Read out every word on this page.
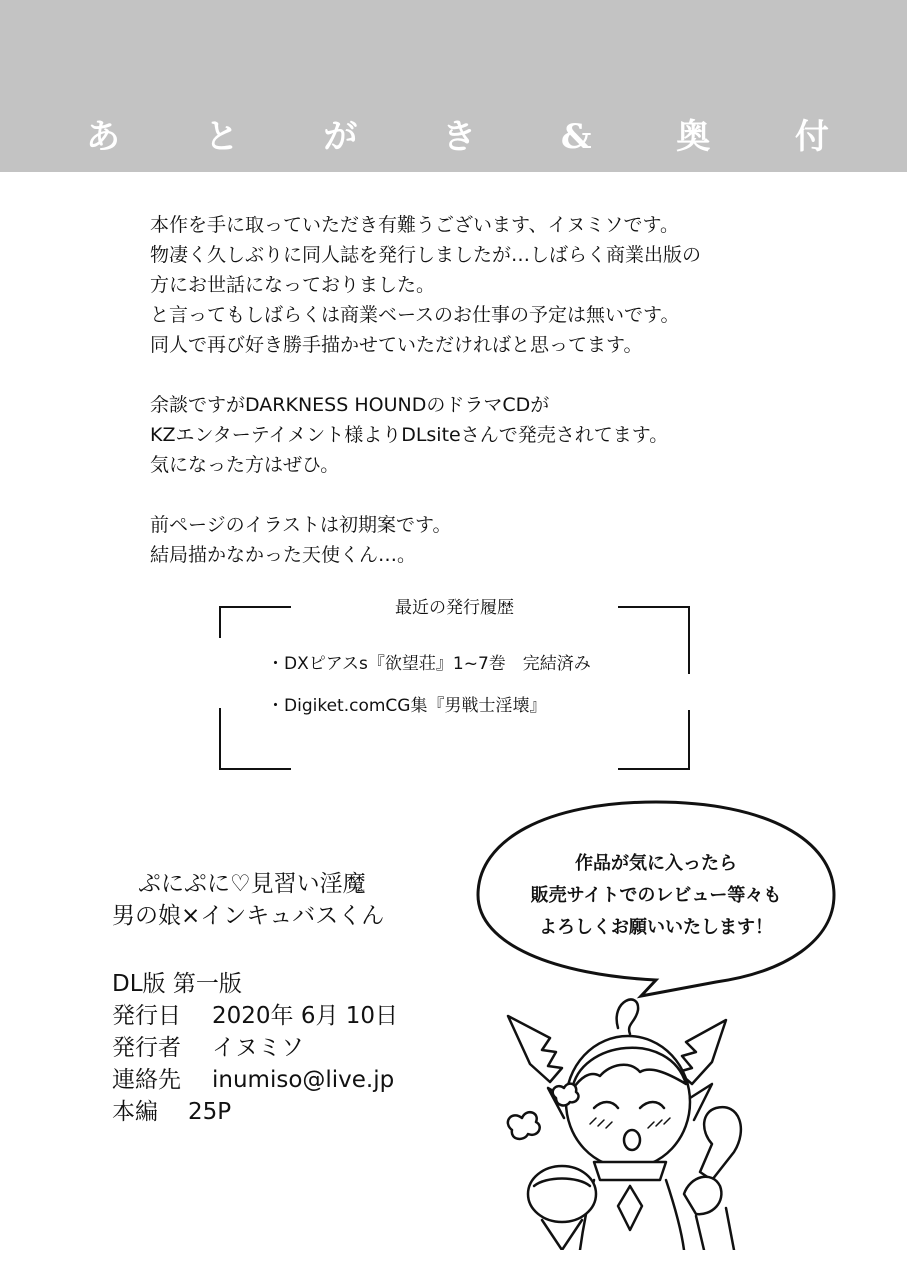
あ と が き & 奥 付

本作を手に取っていただき有難うございます、イヌミソです。

物凄く久しぶりに同人誌を発行しましたが…しばらく商業出版の

方にお世話になっておりました。

と言ってもしばらくは商業ベースのお仕事の予定は無いです。

同人で再び好き勝手描かせていただければと思ってます。

余談ですがDARKNESS HOUNDのドラマCDが

KZエンターテイメント様よりDLsiteさんで発売されてます。

気になった方はぜひ。

前ページのイラストは初期案です。

結局描かなかった天使くん…。

最近の発行履歴
・DXピアスs『欲望荘』1~7巻　完結済み
・Digiket.comCG集『男戦士淫壊』
ぷにぷに♡見習い淫魔
男の娘×インキュバスくん
DL版 第一版
発行日 2020年 6月 10日
発行者 イヌミソ
連絡先 inumiso@live.jp
本編 25P
作品が気に入ったら
販売サイトでのレビュー等々も
よろしくお願いいたします！
